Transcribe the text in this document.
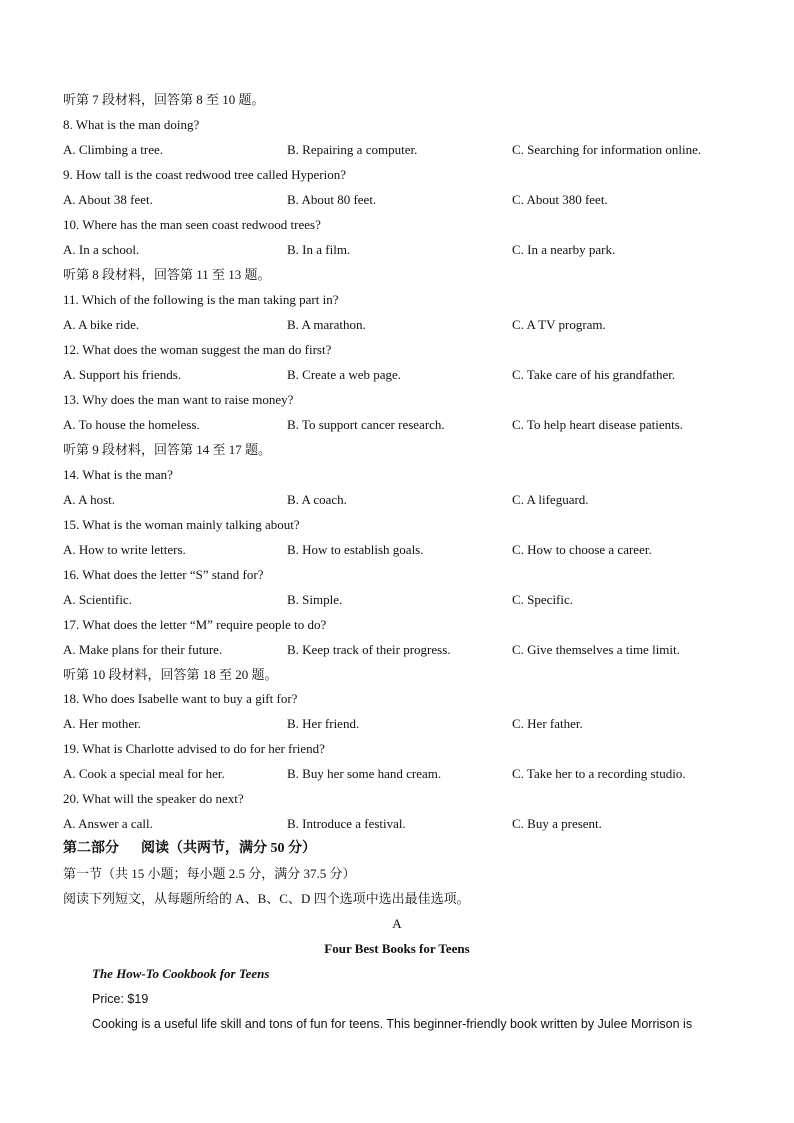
听第 7 段材料，回答第 8 至 10 题。
8. What is the man doing?
A. Climbing a tree.	B. Repairing a computer.	C. Searching for information online.
9. How tall is the coast redwood tree called Hyperion?
A. About 38 feet.	B. About 80 feet.	C. About 380 feet.
10. Where has the man seen coast redwood trees?
A. In a school.	B. In a film.	C. In a nearby park.
听第 8 段材料，回答第 11 至 13 题。
11. Which of the following is the man taking part in?
A. A bike ride.	B. A marathon.	C. A TV program.
12. What does the woman suggest the man do first?
A. Support his friends.	B. Create a web page.	C. Take care of his grandfather.
13. Why does the man want to raise money?
A. To house the homeless.	B. To support cancer research.	C. To help heart disease patients.
听第 9 段材料，回答第 14 至 17 题。
14. What is the man?
A. A host.	B. A coach.	C. A lifeguard.
15. What is the woman mainly talking about?
A. How to write letters.	B. How to establish goals.	C. How to choose a career.
16. What does the letter “S” stand for?
A. Scientific.	B. Simple.	C. Specific.
17. What does the letter “M” require people to do?
A. Make plans for their future.	B. Keep track of their progress.	C. Give themselves a time limit.
听第 10 段材料，回答第 18 至 20 题。
18. Who does Isabelle want to buy a gift for?
A. Her mother.	B. Her friend.	C. Her father.
19. What is Charlotte advised to do for her friend?
A. Cook a special meal for her.	B. Buy her some hand cream.	C. Take her to a recording studio.
20. What will the speaker do next?
A. Answer a call.	B. Introduce a festival.	C. Buy a present.
第二部分 阅读（共两节，满分 50 分）
第一节（共 15 小题；每小题 2.5 分，满分 37.5 分）
阅读下列短文，从每题所给的 A、B、C、D 四个选项中选出最佳选项。
A
Four Best Books for Teens
The How-To Cookbook for Teens
Price: $19
Cooking is a useful life skill and tons of fun for teens. This beginner-friendly book written by Julee Morrison is
